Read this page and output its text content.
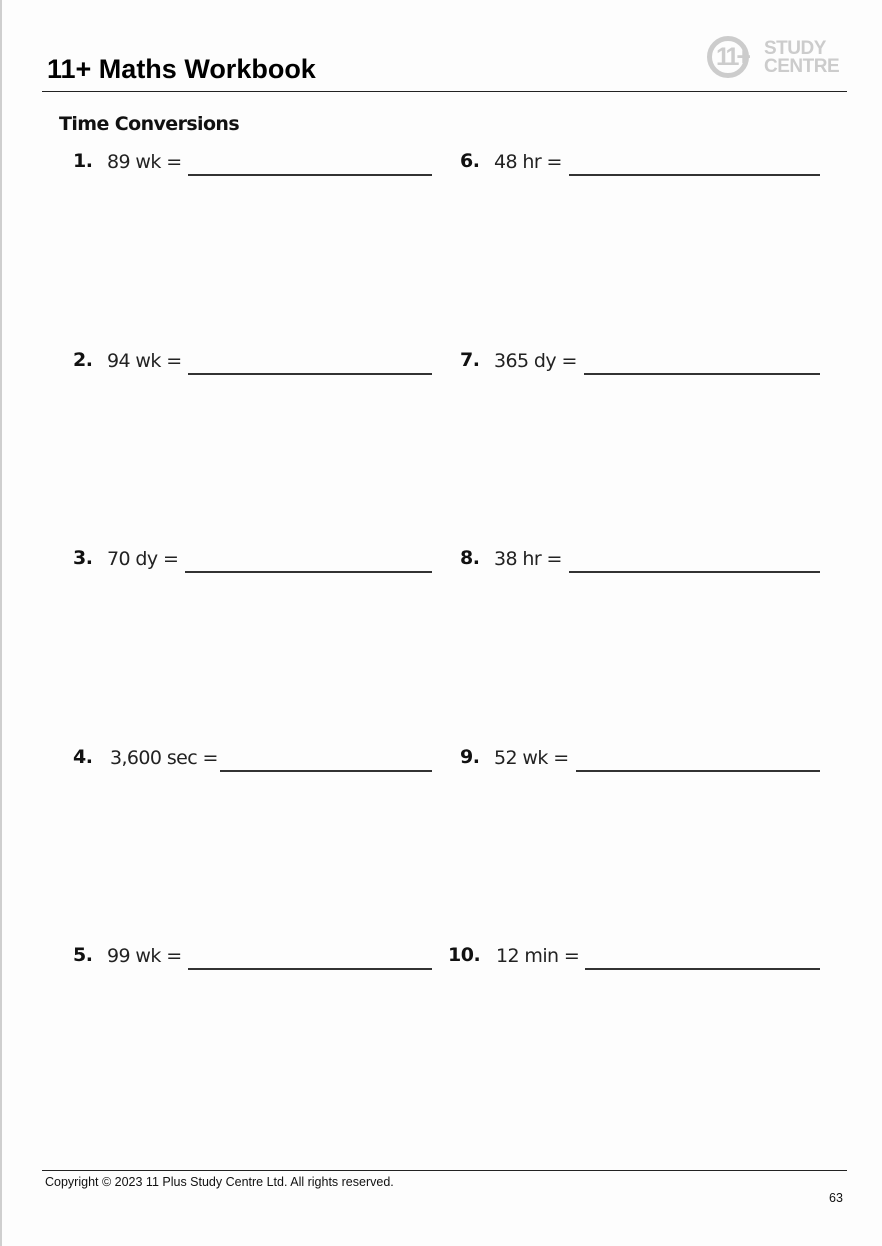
11+ Maths Workbook	11+ STUDY
CENTRE
Time Conversions
1. 89 wk =
2. 94 wk =
3. 70 dy =
4. 3,600 sec =
5. 99 wk =
6. 48 hr =
7. 365 dy =
8. 38 hr =
9. 52 wk =
10. 12 min =
Copyright © 2023 11 Plus Study Centre Ltd. All rights reserved.
63
